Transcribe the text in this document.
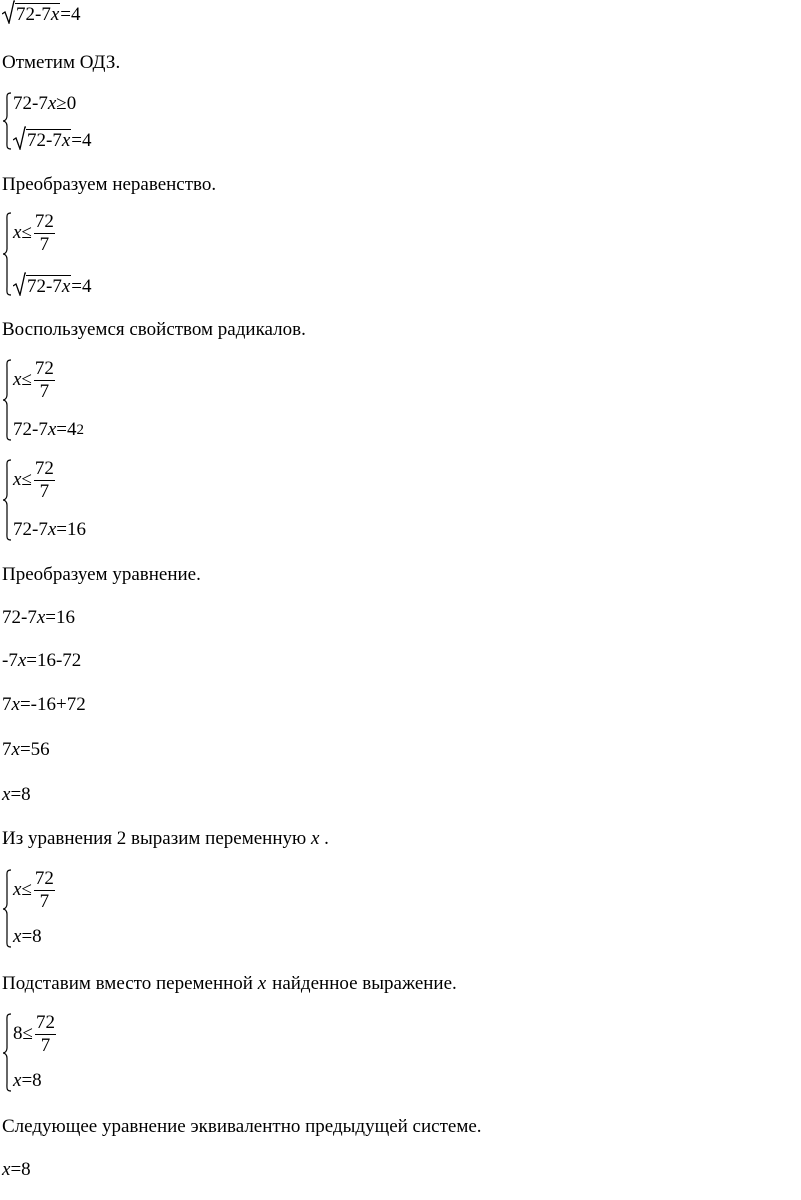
72-7x =4
Отметим ОДЗ.
72-7x≥0
72-7x =4
Преобразуем неравенство.
$x\le \frac{72}{7}$
72-7x =4
Воспользуемся свойством радикалов.
$x\le \frac{72}{7}$
$72-7x=4^2$
$x\le \frac{72}{7}$
72-7x=16
Преобразуем уравнение.
72-7x=16
-7x=16-72
7x=-16+72
7x=56
x=8
Из уравнения 2 выразим переменную x .
$x\le \frac{72}{7}$
x=8
Подставим вместо переменной x найденное выражение.
$8\le \frac{72}{7}$
x=8
Следующее уравнение эквивалентно предыдущей системе.
x=8
